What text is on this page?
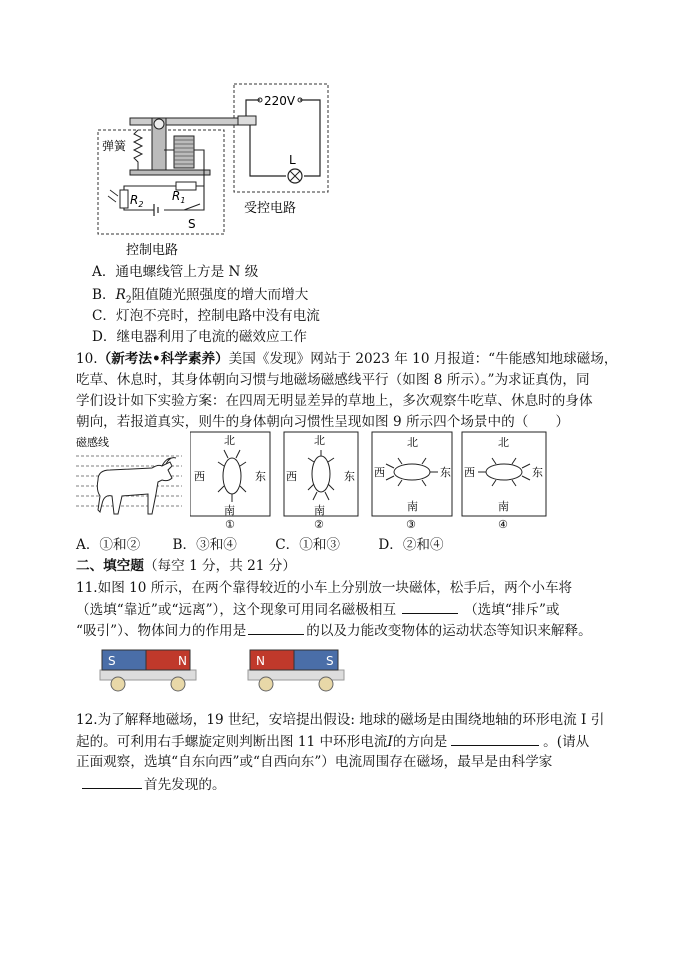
220V
L
弹簧
$R_2$
$R_1$
S
受控电路
控制电路
A．通电螺线管上方是 N 级
B．$R_2$阻值随光照强度的增大而增大
C．灯泡不亮时，控制电路中没有电流
D．继电器利用了电流的磁效应工作
10.（新考法•科学素养）美国《发现》网站于 2023 年 10 月报道：“牛能感知地球磁场，
吃草、休息时，其身体朝向习惯与地磁场磁感线平行（如图 8 所示）。”为求证真伪，同
学们设计如下实验方案：在四周无明显差异的草地上，多次观察牛吃草、休息时的身体
朝向，若报道真实，则牛的身体朝向习惯性呈现如图 9 所示四个场景中的（　　）
磁感线	北
西	东
南
①
北
西	东
南
②
北
西	东
南
③
北
西	东
南
④
A．①和② B．③和④	C．①和③	D．②和④
二、填空题（每空 1 分，共 21 分）
11.如图 10 所示，在两个靠得较近的小车上分别放一块磁体，松手后，两个小车将
（选填“靠近”或“远离”），这个现象可用同名磁极相互	（选填“排斥”或
“吸引”）、物体间力的作用是	的以及力能改变物体的运动状态等知识来解释。
S	N	N	S
12.为了解释地磁场，19 世纪，安培提出假设: 地球的磁场是由围绕地轴的环形电流 I 引
起的。可利用右手螺旋定则判断出图 11 中环形电流I的方向是	。(请从
正面观察，选填“自东向西”或“自西向东”）电流周围存在磁场，最早是由科学家
首先发现的。
